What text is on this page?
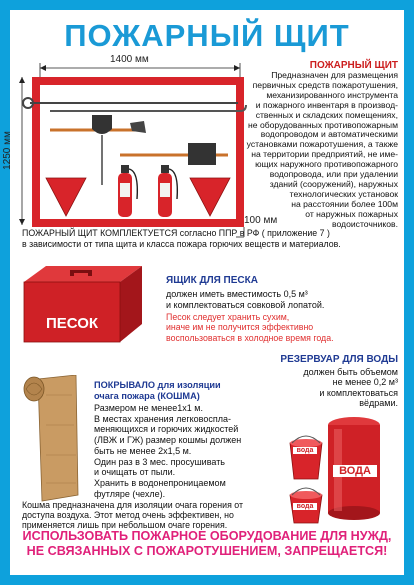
ПОЖАРНЫЙ ЩИТ
1400 мм
1250 мм
100 мм
ПОЖАРНЫЙ ЩИТ
Предназначен для размещения
первичных средств пожаротушения,
механизированного инструмента
и пожарного инвентаря в производ-
ственных и складских помещениях,
не оборудованных противопожарным
водопроводом и автоматическими
установками пожаротушения, а также
на территории предприятий, не име-
ющих наружного противопожарного
водопровода, или при удалении
зданий (сооружений), наружных
технологических установок
на расстоянии более 100м
от наружных пожарных
водоисточников.
ПОЖАРНЫЙ ЩИТ КОМПЛЕКТУЕТСЯ согласно ППР в РФ ( приложение 7 )
в зависимости от типа щита и класса пожара горючих веществ и материалов.
ПЕСОК
ЯЩИК ДЛЯ ПЕСКА
должен иметь вместимость 0,5 м³
и комплектоваться совковой лопатой.
Песок следует хранить сухим,
иначе им не получится эффективно
воспользоваться в холодное время года.
РЕЗЕРВУАР ДЛЯ ВОДЫ
должен быть объемом
не менее 0,2 м³
и комплектоваться
вёдрами.
ВОДА
вода
вода
ПОКРЫВАЛО для изоляции
очага пожара (КОШМА)
Размером не менее1х1 м.
В местах хранения легковоспла-
меняющихся и горючих жидкостей
(ЛВЖ и ГЖ) размер кошмы должен
быть не менее 2х1,5 м.
Один раз в 3 мес. просушивать
и очищать от пыли.
Хранить в водонепроницаемом
футляре (чехле).
Кошма предназначена для изоляции очага горения от
доступа воздуха. Этот метод очень эффективен, но
применяется лишь при небольшом очаге горения.
ИСПОЛЬЗОВАТЬ ПОЖАРНОЕ ОБОРУДОВАНИЕ ДЛЯ НУЖД,
НЕ СВЯЗАННЫХ С ПОЖАРОТУШЕНИЕМ, ЗАПРЕЩАЕТСЯ!
